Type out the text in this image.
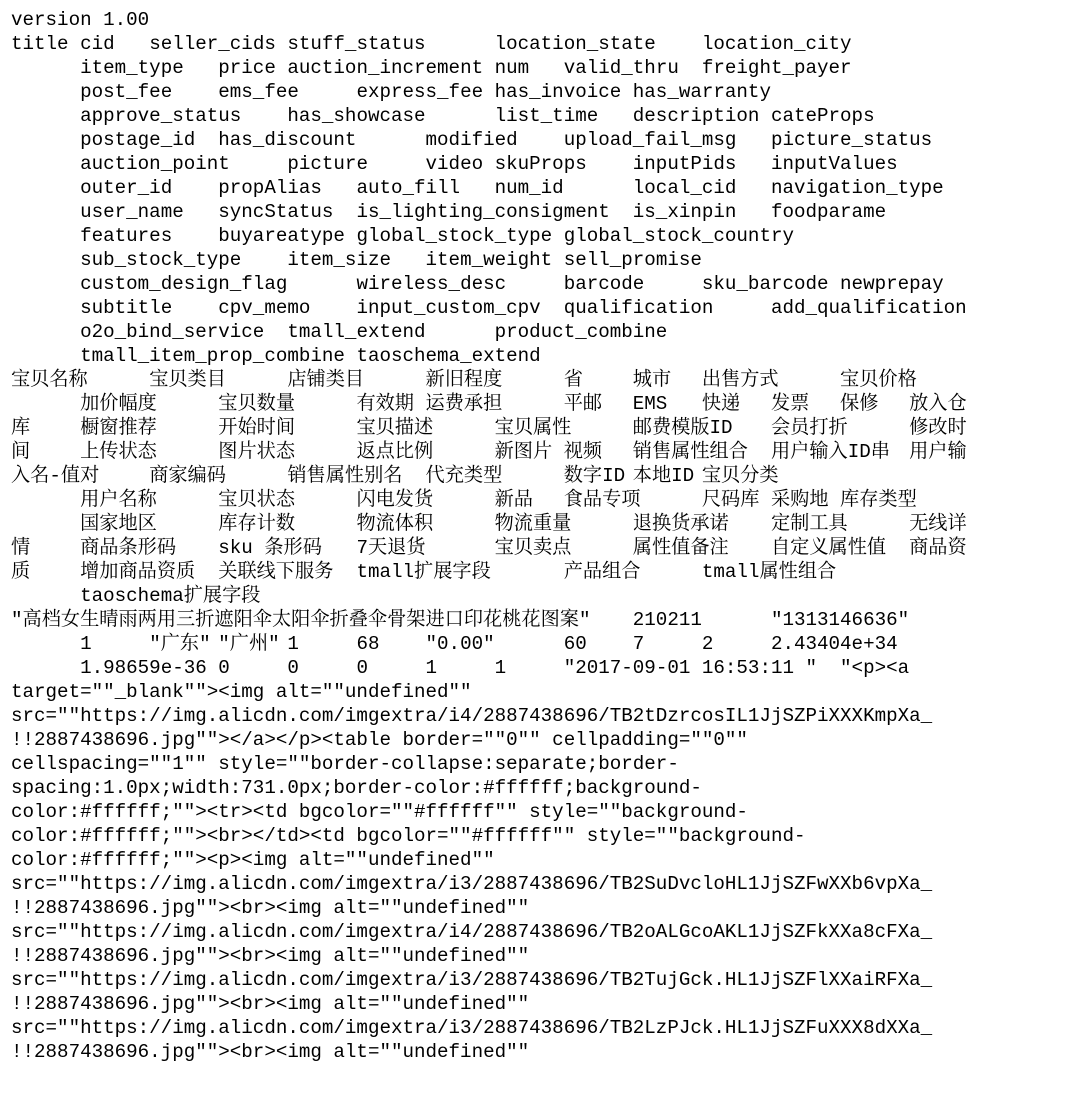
version 1.00
title	cid	seller_cids	stuff_status	location_state	location_city
	item_type	price	auction_increment	num	valid_thru	freight_payer
	post_fee	ems_fee	express_fee	has_invoice	has_warranty
	approve_status	has_showcase	list_time	description	cateProps
	postage_id	has_discount	modified	upload_fail_msg	picture_status
	auction_point	picture	video	skuProps	inputPids	inputValues
	outer_id	propAlias	auto_fill	num_id	local_cid	navigation_type
	user_name	syncStatus	is_lighting_consigment	is_xinpin	foodparame
	features	buyareatype	global_stock_type	global_stock_country
	sub_stock_type	item_size	item_weight	sell_promise
	custom_design_flag	wireless_desc	barcode	sku_barcode	newprepay
	subtitle	cpv_memo	input_custom_cpv	qualification	add_qualification
	o2o_bind_service	tmall_extend	product_combine
	tmall_item_prop_combine	taoschema_extend
宝贝名称	宝贝类目	店铺类目	新旧程度	省	城市	出售方式	宝贝价格
	加价幅度	宝贝数量	有效期	运费承担	平邮	EMS	快递	发票	保修	放入仓
库	橱窗推荐	开始时间	宝贝描述	宝贝属性	邮费模版ID	会员打折	修改时
间	上传状态	图片状态	返点比例	新图片	视频	销售属性组合	用户输入ID串	用户输
入名-值对	商家编码	销售属性别名	代充类型	数字ID	本地ID	宝贝分类
	用户名称	宝贝状态	闪电发货	新品	食品专项	尺码库	采购地	库存类型
	国家地区	库存计数	物流体积	物流重量	退换货承诺	定制工具	无线详
情	商品条形码	sku 条形码	7天退货	宝贝卖点	属性值备注	自定义属性值	商品资
质	增加商品资质	关联线下服务	tmall扩展字段	产品组合	tmall属性组合
	taoschema扩展字段
"高档女生晴雨两用三折遮阳伞太阳伞折叠伞骨架进口印花桃花图案"	210211	"1313146636"
	1	"广东"	"广州"	1	68	"0.00"	60	7	2	2.43404e+34
	1.98659e-36	0	0	0	1	1	"2017-09-01 16:53:11 "	"<p><a
target=""_blank""><img alt=""undefined""
src=""https://img.alicdn.com/imgextra/i4/2887438696/TB2tDzrcosIL1JjSZPiXXXKmpXa_
!!2887438696.jpg""></a></p><table border=""0"" cellpadding=""0""
cellspacing=""1"" style=""border-collapse:separate;border-
spacing:1.0px;width:731.0px;border-color:#ffffff;background-
color:#ffffff;""><tr><td bgcolor=""#ffffff"" style=""background-
color:#ffffff;""><br></td><td bgcolor=""#ffffff"" style=""background-
color:#ffffff;""><p><img alt=""undefined""
src=""https://img.alicdn.com/imgextra/i3/2887438696/TB2SuDvcloHL1JjSZFwXXb6vpXa_
!!2887438696.jpg""><br><img alt=""undefined""
src=""https://img.alicdn.com/imgextra/i4/2887438696/TB2oALGcoAKL1JjSZFkXXa8cFXa_
!!2887438696.jpg""><br><img alt=""undefined""
src=""https://img.alicdn.com/imgextra/i3/2887438696/TB2TujGck.HL1JjSZFlXXaiRFXa_
!!2887438696.jpg""><br><img alt=""undefined""
src=""https://img.alicdn.com/imgextra/i3/2887438696/TB2LzPJck.HL1JjSZFuXXX8dXXa_
!!2887438696.jpg""><br><img alt=""undefined""
